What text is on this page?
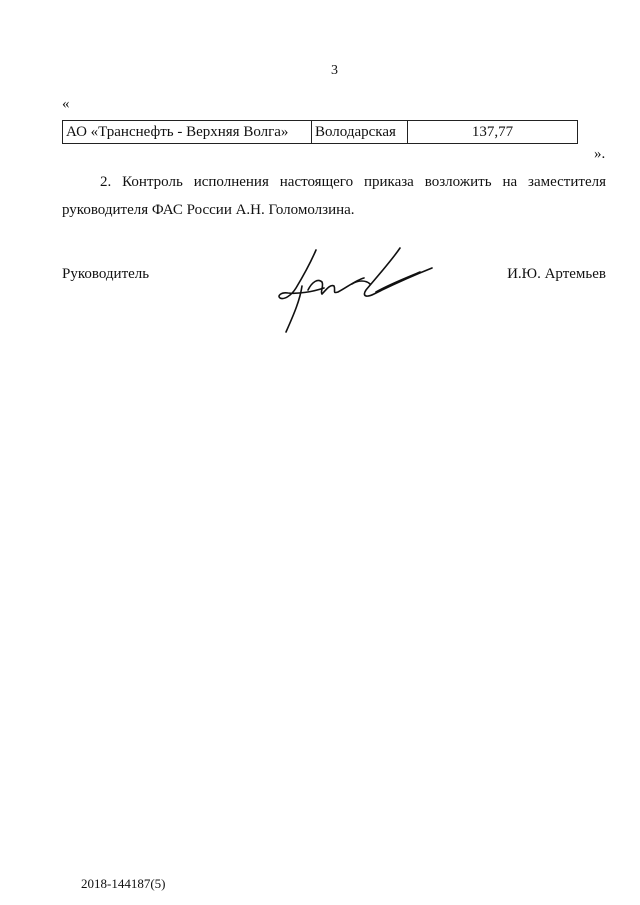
3
«
АО «Транснефть - Верхняя Волга»	Володарская	137,77
».
2. Контроль исполнения настоящего приказа возложить на заместителя руководителя ФАС России А.Н. Голомолзина.
Руководитель	И.Ю. Артемьев
2018-144187(5)
